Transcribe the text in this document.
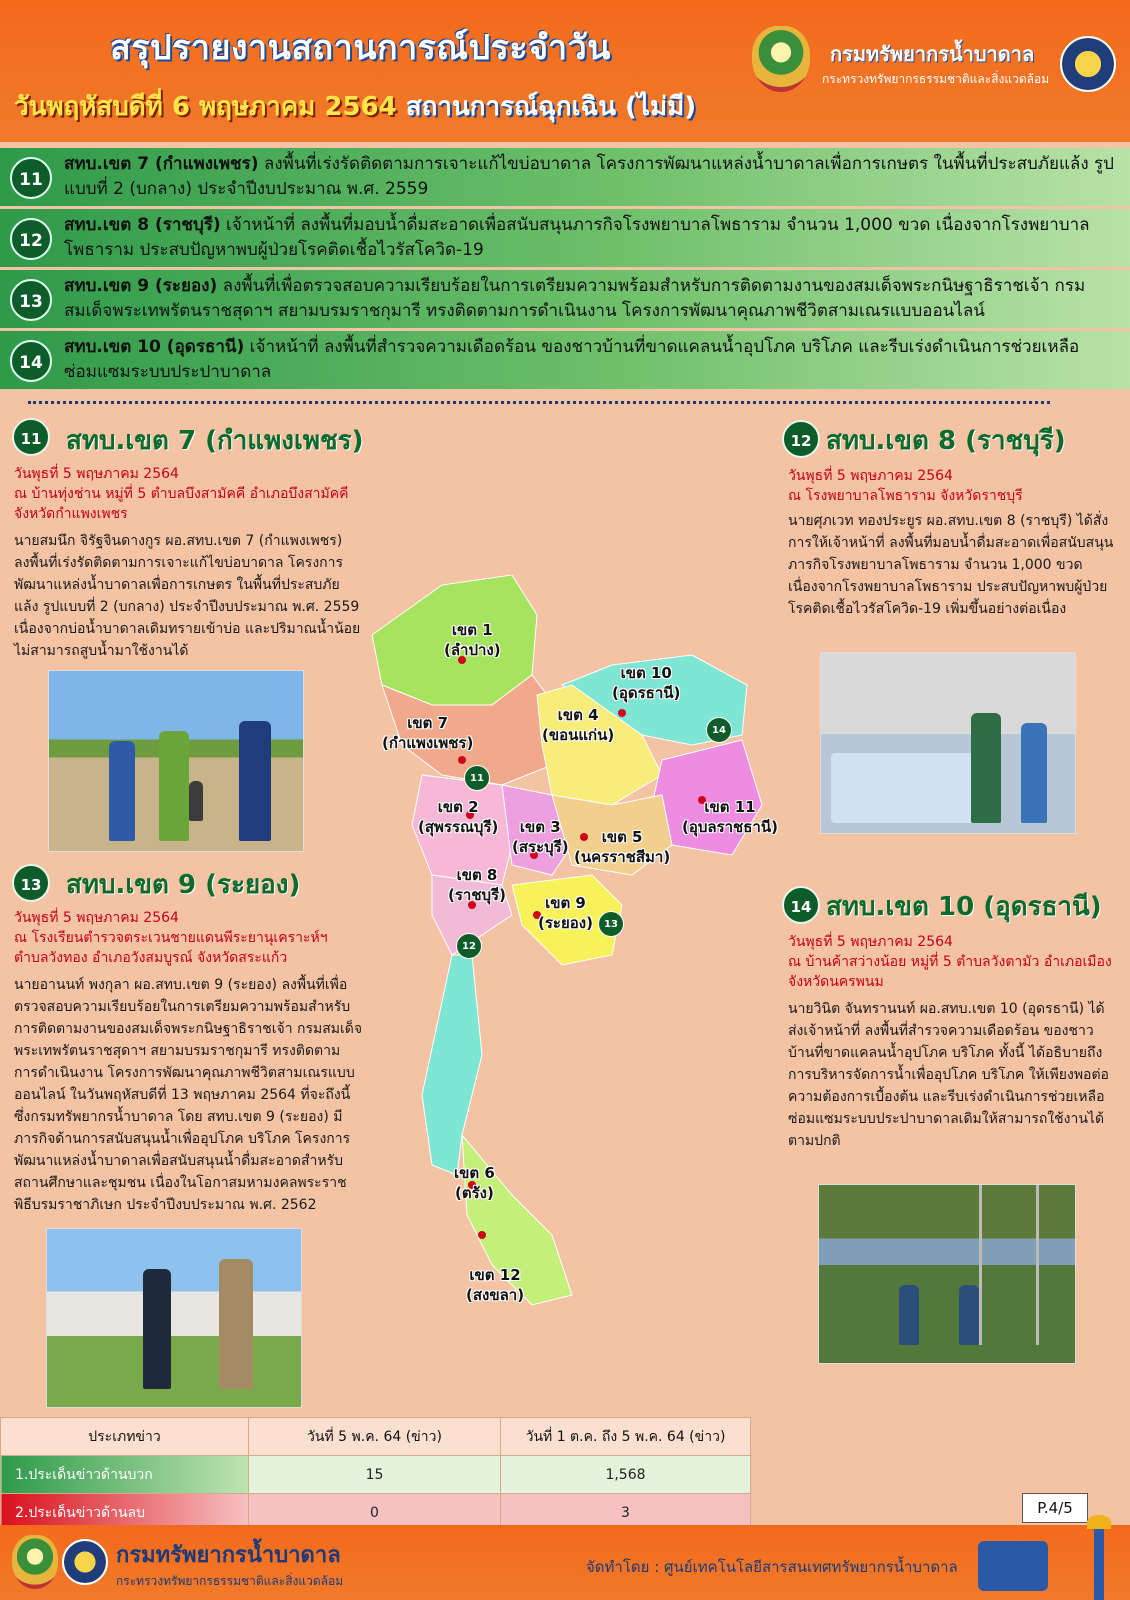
สรุปรายงานสถานการณ์ประจำวัน
วันพฤหัสบดีที่ 6 พฤษภาคม 2564 สถานการณ์ฉุกเฉิน (ไม่มี)
กรมทรัพยากรน้ำบาดาล
กระทรวงทรัพยากรธรรมชาติและสิ่งแวดล้อม
11
สทบ.เขต 7 (กำแพงเพชร) ลงพื้นที่เร่งรัดติดตามการเจาะแก้ไขบ่อบาดาล โครงการพัฒนาแหล่งน้ำบาดาลเพื่อการเกษตร ในพื้นที่ประสบภัยแล้ง รูปแบบที่ 2 (บกลาง) ประจำปีงบประมาณ พ.ศ. 2559
12
สทบ.เขต 8 (ราชบุรี) เจ้าหน้าที่ ลงพื้นที่มอบน้ำดื่มสะอาดเพื่อสนับสนุนภารกิจโรงพยาบาลโพธาราม จำนวน 1,000 ขวด เนื่องจากโรงพยาบาลโพธาราม ประสบปัญหาพบผู้ป่วยโรคติดเชื้อไวรัสโควิด-19
13
สทบ.เขต 9 (ระยอง) ลงพื้นที่เพื่อตรวจสอบความเรียบร้อยในการเตรียมความพร้อมสำหรับการติดตามงานของสมเด็จพระกนิษฐาธิราชเจ้า กรมสมเด็จพระเทพรัตนราชสุดาฯ สยามบรมราชกุมารี ทรงติดตามการดำเนินงาน โครงการพัฒนาคุณภาพชีวิตสามเณรแบบออนไลน์
14
สทบ.เขต 10 (อุดรธานี) เจ้าหน้าที่ ลงพื้นที่สำรวจความเดือดร้อน ของชาวบ้านที่ขาดแคลนน้ำอุปโภค บริโภค และรีบเร่งดำเนินการช่วยเหลือ ซ่อมแซมระบบประปาบาดาล
11 สทบ.เขต 7 (กำแพงเพชร)
วันพุธที่ 5 พฤษภาคม 2564
ณ บ้านทุ่งช่าน หมู่ที่ 5 ตำบลบึงสามัคคี อำเภอบึงสามัคคี จังหวัดกำแพงเพชร
นายสมนึก จิรัฐจินดางกูร ผอ.สทบ.เขต 7 (กำแพงเพชร) ลงพื้นที่เร่งรัดติดตามการเจาะแก้ไขบ่อบาดาล โครงการพัฒนาแหล่งน้ำบาดาลเพื่อการเกษตร ในพื้นที่ประสบภัยแล้ง รูปแบบที่ 2 (บกลาง) ประจำปีงบประมาณ พ.ศ. 2559 เนื่องจากบ่อน้ำบาดาลเดิมทรายเข้าบ่อ และปริมาณน้ำน้อยไม่สามารถสูบน้ำมาใช้งานได้
12 สทบ.เขต 8 (ราชบุรี)
วันพุธที่ 5 พฤษภาคม 2564
ณ โรงพยาบาลโพธาราม จังหวัดราชบุรี
นายศุภเวท ทองประยูร ผอ.สทบ.เขต 8 (ราชบุรี) ได้สั่งการให้เจ้าหน้าที่ ลงพื้นที่มอบน้ำดื่มสะอาดเพื่อสนับสนุนภารกิจโรงพยาบาลโพธาราม จำนวน 1,000 ขวด เนื่องจากโรงพยาบาลโพธาราม ประสบปัญหาพบผู้ป่วยโรคติดเชื้อไวรัสโควิด-19 เพิ่มขึ้นอย่างต่อเนื่อง
13 สทบ.เขต 9 (ระยอง)
วันพุธที่ 5 พฤษภาคม 2564
ณ โรงเรียนตำรวจตระเวนชายแดนพีระยานุเคราะห์ฯ ตำบลวังทอง อำเภอวังสมบูรณ์ จังหวัดสระแก้ว
นายอานนท์ พงกุลา ผอ.สทบ.เขต 9 (ระยอง) ลงพื้นที่เพื่อตรวจสอบความเรียบร้อยในการเตรียมความพร้อมสำหรับการติดตามงานของสมเด็จพระกนิษฐาธิราชเจ้า กรมสมเด็จพระเทพรัตนราชสุดาฯ สยามบรมราชกุมารี ทรงติดตามการดำเนินงาน โครงการพัฒนาคุณภาพชีวิตสามเณรแบบออนไลน์ ในวันพฤหัสบดีที่ 13 พฤษภาคม 2564 ที่จะถึงนี้ ซึ่งกรมทรัพยากรน้ำบาดาล โดย สทบ.เขต 9 (ระยอง) มีภารกิจด้านการสนับสนุนน้ำเพื่ออุปโภค บริโภค โครงการพัฒนาแหล่งน้ำบาดาลเพื่อสนับสนุนน้ำดื่มสะอาดสำหรับสถานศึกษาและชุมชน เนื่องในโอกาสมหามงคลพระราชพิธีบรมราชาภิเษก ประจำปีงบประมาณ พ.ศ. 2562
14 สทบ.เขต 10 (อุดรธานี)
วันพุธที่ 5 พฤษภาคม 2564
ณ บ้านค้าสว่างน้อย หมู่ที่ 5 ตำบลวังตามัว อำเภอเมือง จังหวัดนครพนม
นายวินิต จันทรานนท์ ผอ.สทบ.เขต 10 (อุดรธานี) ได้ส่งเจ้าหน้าที่ ลงพื้นที่สำรวจความเดือดร้อน ของชาวบ้านที่ขาดแคลนน้ำอุปโภค บริโภค ทั้งนี้ ได้อธิบายถึงการบริหารจัดการน้ำเพื่ออุปโภค บริโภค ให้เพียงพอต่อความต้องการเบื้องต้น และรีบเร่งดำเนินการช่วยเหลือ ซ่อมแซมระบบประปาบาดาลเดิมให้สามารถใช้งานได้ตามปกติ
เขต 1
(ลำปาง)
เขต 7
(กำแพงเพชร)
เขต 10
(อุดรธานี)
เขต 4
(ขอนแก่น)
เขต 2
(สุพรรณบุรี)	เขต 3
(สระบุรี)
เขต 5
(นครราชสีมา)
เขต 11
(อุบลราชธานี)
เขต 8
(ราชบุรี)	เขต 9
(ระยอง)
เขต 6
(ตรัง)
เขต 12
(สงขลา)
11
12
13
14
ประเภทข่าว	วันที่ 5 พ.ค. 64 (ข่าว)	วันที่ 1 ต.ค. ถึง 5 พ.ค. 64 (ข่าว)
1.ประเด็นข่าวด้านบวก	15	1,568
2.ประเด็นข่าวด้านลบ	0	3	P.4/5
กรมทรัพยากรน้ำบาดาล
กระทรวงทรัพยากรธรรมชาติและสิ่งแวดล้อม
จัดทำโดย : ศูนย์เทคโนโลยีสารสนเทศทรัพยากรน้ำบาดาล
